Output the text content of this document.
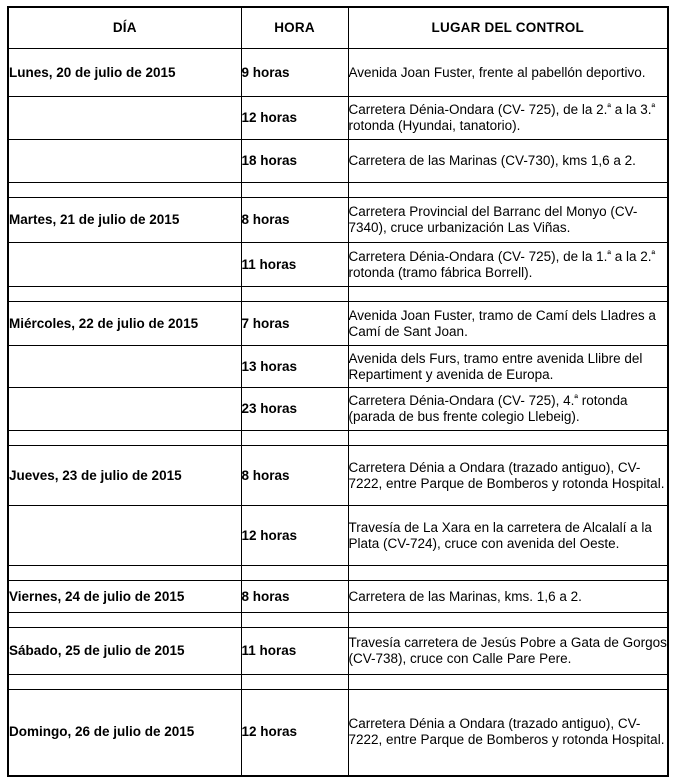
DÍA	HORA	LUGAR DEL CONTROL
Lunes, 20 de julio de 2015	9 horas	Avenida Joan Fuster, frente al pabellón deportivo.
	12 horas	Carretera Dénia-Ondara (CV- 725), de la 2.$^ª$ a la 3.$^ª$ rotonda (Hyundai, tanatorio).
	18 horas	Carretera de las Marinas (CV-730), kms 1,6 a 2.

Martes, 21 de julio de 2015	8 horas	Carretera Provincial del Barranc del Monyo (CV-7340), cruce urbanización Las Viñas.
	11 horas	Carretera Dénia-Ondara (CV- 725), de la 1.$^ª$ a la 2.$^ª$ rotonda (tramo fábrica Borrell).

Miércoles, 22 de julio de 2015	7 horas	Avenida Joan Fuster, tramo de Camí dels Lladres a Camí de Sant Joan.
	13 horas	Avenida dels Furs, tramo entre avenida Llibre del Repartiment y avenida de Europa.
	23 horas	Carretera Dénia-Ondara (CV- 725), 4.$^ª$ rotonda (parada de bus frente colegio Llebeig).

Jueves, 23 de julio de 2015	8 horas	Carretera Dénia a Ondara (trazado antiguo), CV-7222, entre Parque de Bomberos y rotonda Hospital.
	12 horas	Travesía de La Xara en la carretera de Alcalalí a la Plata (CV-724), cruce con avenida del Oeste.

Viernes, 24 de julio de 2015	8 horas	Carretera de las Marinas, kms. 1,6 a 2.

Sábado, 25 de julio de 2015	11 horas	Travesía carretera de Jesús Pobre a Gata de Gorgos (CV-738), cruce con Calle Pare Pere.

Domingo, 26 de julio de 2015	12 horas	Carretera Dénia a Ondara (trazado antiguo), CV-7222, entre Parque de Bomberos y rotonda Hospital.
